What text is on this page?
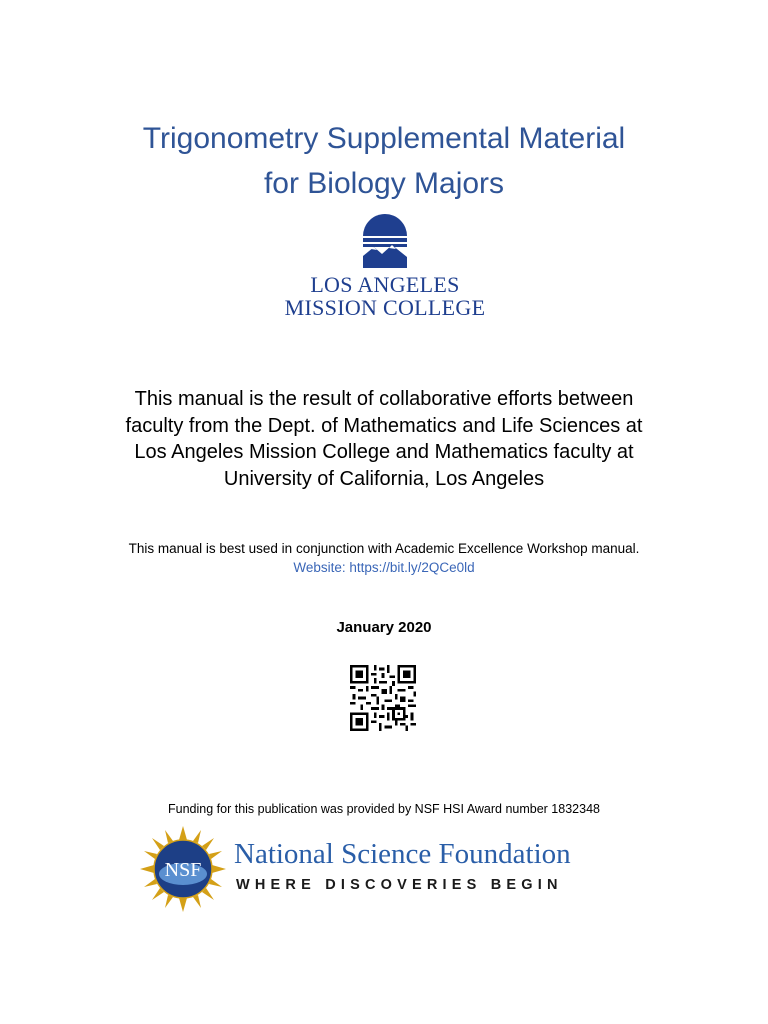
Trigonometry Supplemental Material
for Biology Majors
LOS ANGELES
MISSION COLLEGE
This manual is the result of collaborative efforts between
faculty from the Dept. of Mathematics and Life Sciences at
Los Angeles Mission College and Mathematics faculty at
University of California, Los Angeles
This manual is best used in conjunction with Academic Excellence Workshop manual.
Website: https://bit.ly/2QCe0ld
January 2020
Funding for this publication was provided by NSF HSI Award number 1832348
NSF National Science Foundation
WHERE DISCOVERIES BEGIN
